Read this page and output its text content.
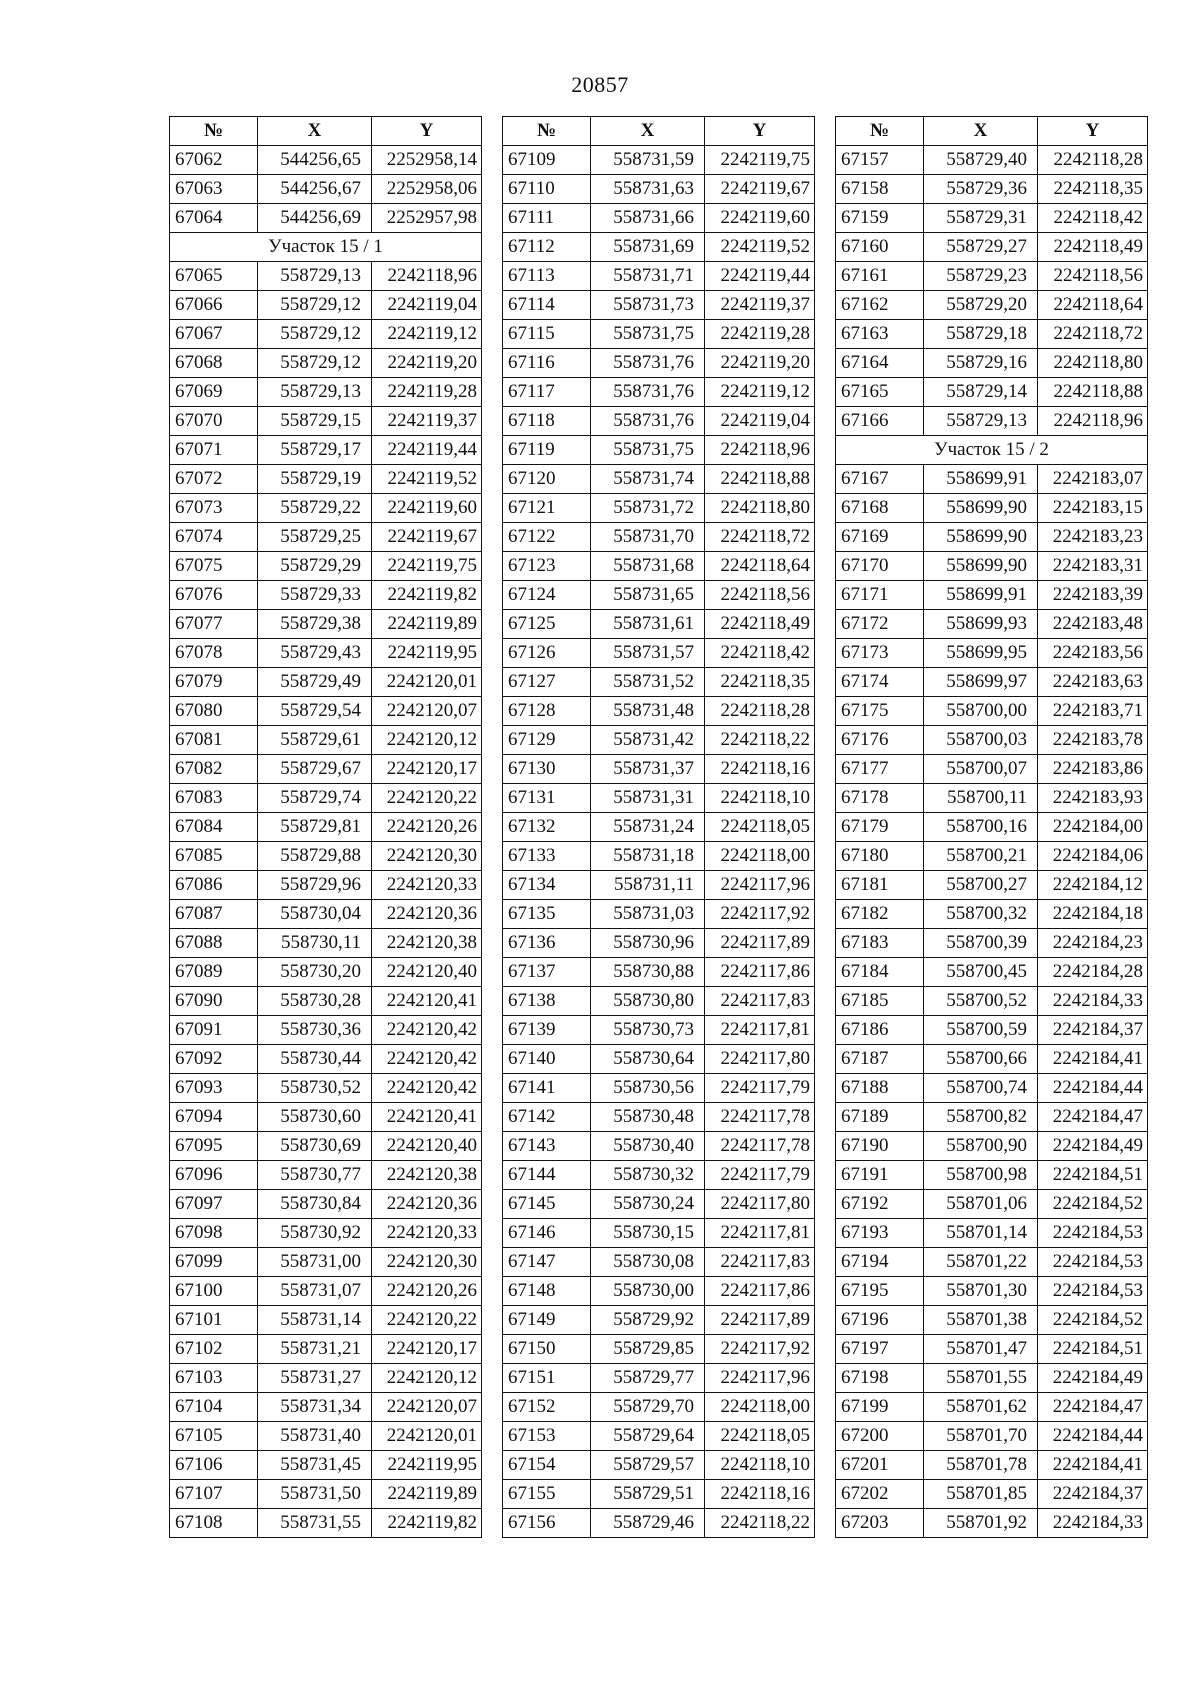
20857
№	X	Y
67062	544256,65	2252958,14
67063	544256,67	2252958,06
67064	544256,69	2252957,98
Участок 15 / 1		
67065	558729,13	2242118,96
67066	558729,12	2242119,04
67067	558729,12	2242119,12
67068	558729,12	2242119,20
67069	558729,13	2242119,28
67070	558729,15	2242119,37
67071	558729,17	2242119,44
67072	558729,19	2242119,52
67073	558729,22	2242119,60
67074	558729,25	2242119,67
67075	558729,29	2242119,75
67076	558729,33	2242119,82
67077	558729,38	2242119,89
67078	558729,43	2242119,95
67079	558729,49	2242120,01
67080	558729,54	2242120,07
67081	558729,61	2242120,12
67082	558729,67	2242120,17
67083	558729,74	2242120,22
67084	558729,81	2242120,26
67085	558729,88	2242120,30
67086	558729,96	2242120,33
67087	558730,04	2242120,36
67088	558730,11	2242120,38
67089	558730,20	2242120,40
67090	558730,28	2242120,41
67091	558730,36	2242120,42
67092	558730,44	2242120,42
67093	558730,52	2242120,42
67094	558730,60	2242120,41
67095	558730,69	2242120,40
67096	558730,77	2242120,38
67097	558730,84	2242120,36
67098	558730,92	2242120,33
67099	558731,00	2242120,30
67100	558731,07	2242120,26
67101	558731,14	2242120,22
67102	558731,21	2242120,17
67103	558731,27	2242120,12
67104	558731,34	2242120,07
67105	558731,40	2242120,01
67106	558731,45	2242119,95
67107	558731,50	2242119,89
67108	558731,55	2242119,82
№	X	Y
67109	558731,59	2242119,75
67110	558731,63	2242119,67
67111	558731,66	2242119,60
67112	558731,69	2242119,52
67113	558731,71	2242119,44
67114	558731,73	2242119,37
67115	558731,75	2242119,28
67116	558731,76	2242119,20
67117	558731,76	2242119,12
67118	558731,76	2242119,04
67119	558731,75	2242118,96
67120	558731,74	2242118,88
67121	558731,72	2242118,80
67122	558731,70	2242118,72
67123	558731,68	2242118,64
67124	558731,65	2242118,56
67125	558731,61	2242118,49
67126	558731,57	2242118,42
67127	558731,52	2242118,35
67128	558731,48	2242118,28
67129	558731,42	2242118,22
67130	558731,37	2242118,16
67131	558731,31	2242118,10
67132	558731,24	2242118,05
67133	558731,18	2242118,00
67134	558731,11	2242117,96
67135	558731,03	2242117,92
67136	558730,96	2242117,89
67137	558730,88	2242117,86
67138	558730,80	2242117,83
67139	558730,73	2242117,81
67140	558730,64	2242117,80
67141	558730,56	2242117,79
67142	558730,48	2242117,78
67143	558730,40	2242117,78
67144	558730,32	2242117,79
67145	558730,24	2242117,80
67146	558730,15	2242117,81
67147	558730,08	2242117,83
67148	558730,00	2242117,86
67149	558729,92	2242117,89
67150	558729,85	2242117,92
67151	558729,77	2242117,96
67152	558729,70	2242118,00
67153	558729,64	2242118,05
67154	558729,57	2242118,10
67155	558729,51	2242118,16
67156	558729,46	2242118,22
№	X	Y
67157	558729,40	2242118,28
67158	558729,36	2242118,35
67159	558729,31	2242118,42
67160	558729,27	2242118,49
67161	558729,23	2242118,56
67162	558729,20	2242118,64
67163	558729,18	2242118,72
67164	558729,16	2242118,80
67165	558729,14	2242118,88
67166	558729,13	2242118,96
Участок 15 / 2		
67167	558699,91	2242183,07
67168	558699,90	2242183,15
67169	558699,90	2242183,23
67170	558699,90	2242183,31
67171	558699,91	2242183,39
67172	558699,93	2242183,48
67173	558699,95	2242183,56
67174	558699,97	2242183,63
67175	558700,00	2242183,71
67176	558700,03	2242183,78
67177	558700,07	2242183,86
67178	558700,11	2242183,93
67179	558700,16	2242184,00
67180	558700,21	2242184,06
67181	558700,27	2242184,12
67182	558700,32	2242184,18
67183	558700,39	2242184,23
67184	558700,45	2242184,28
67185	558700,52	2242184,33
67186	558700,59	2242184,37
67187	558700,66	2242184,41
67188	558700,74	2242184,44
67189	558700,82	2242184,47
67190	558700,90	2242184,49
67191	558700,98	2242184,51
67192	558701,06	2242184,52
67193	558701,14	2242184,53
67194	558701,22	2242184,53
67195	558701,30	2242184,53
67196	558701,38	2242184,52
67197	558701,47	2242184,51
67198	558701,55	2242184,49
67199	558701,62	2242184,47
67200	558701,70	2242184,44
67201	558701,78	2242184,41
67202	558701,85	2242184,37
67203	558701,92	2242184,33
